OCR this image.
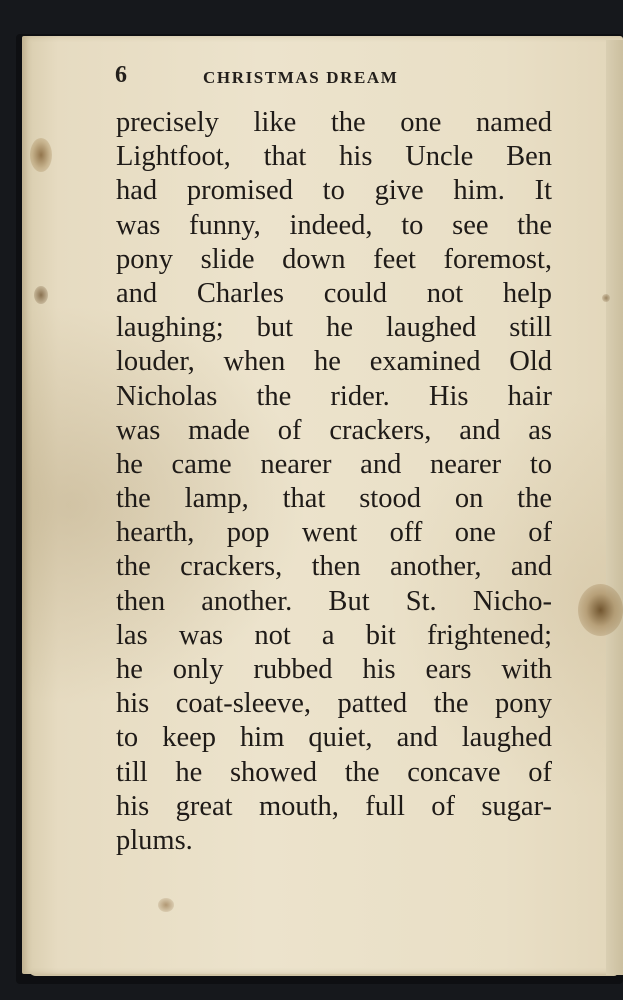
6	CHRISTMAS DREAM
precisely like the one named
Lightfoot, that his Uncle Ben
had promised to give him. It
was funny, indeed, to see the
pony slide down feet foremost,
and Charles could not help
laughing; but he laughed still
louder, when he examined Old
Nicholas the rider. His hair
was made of crackers, and as
he came nearer and nearer to
the lamp, that stood on the
hearth, pop went off one of
the crackers, then another, and
then another. But St. Nicho-
las was not a bit frightened;
he only rubbed his ears with
his coat-sleeve, patted the pony
to keep him quiet, and laughed
till he showed the concave of
his great mouth, full of sugar-
plums.
